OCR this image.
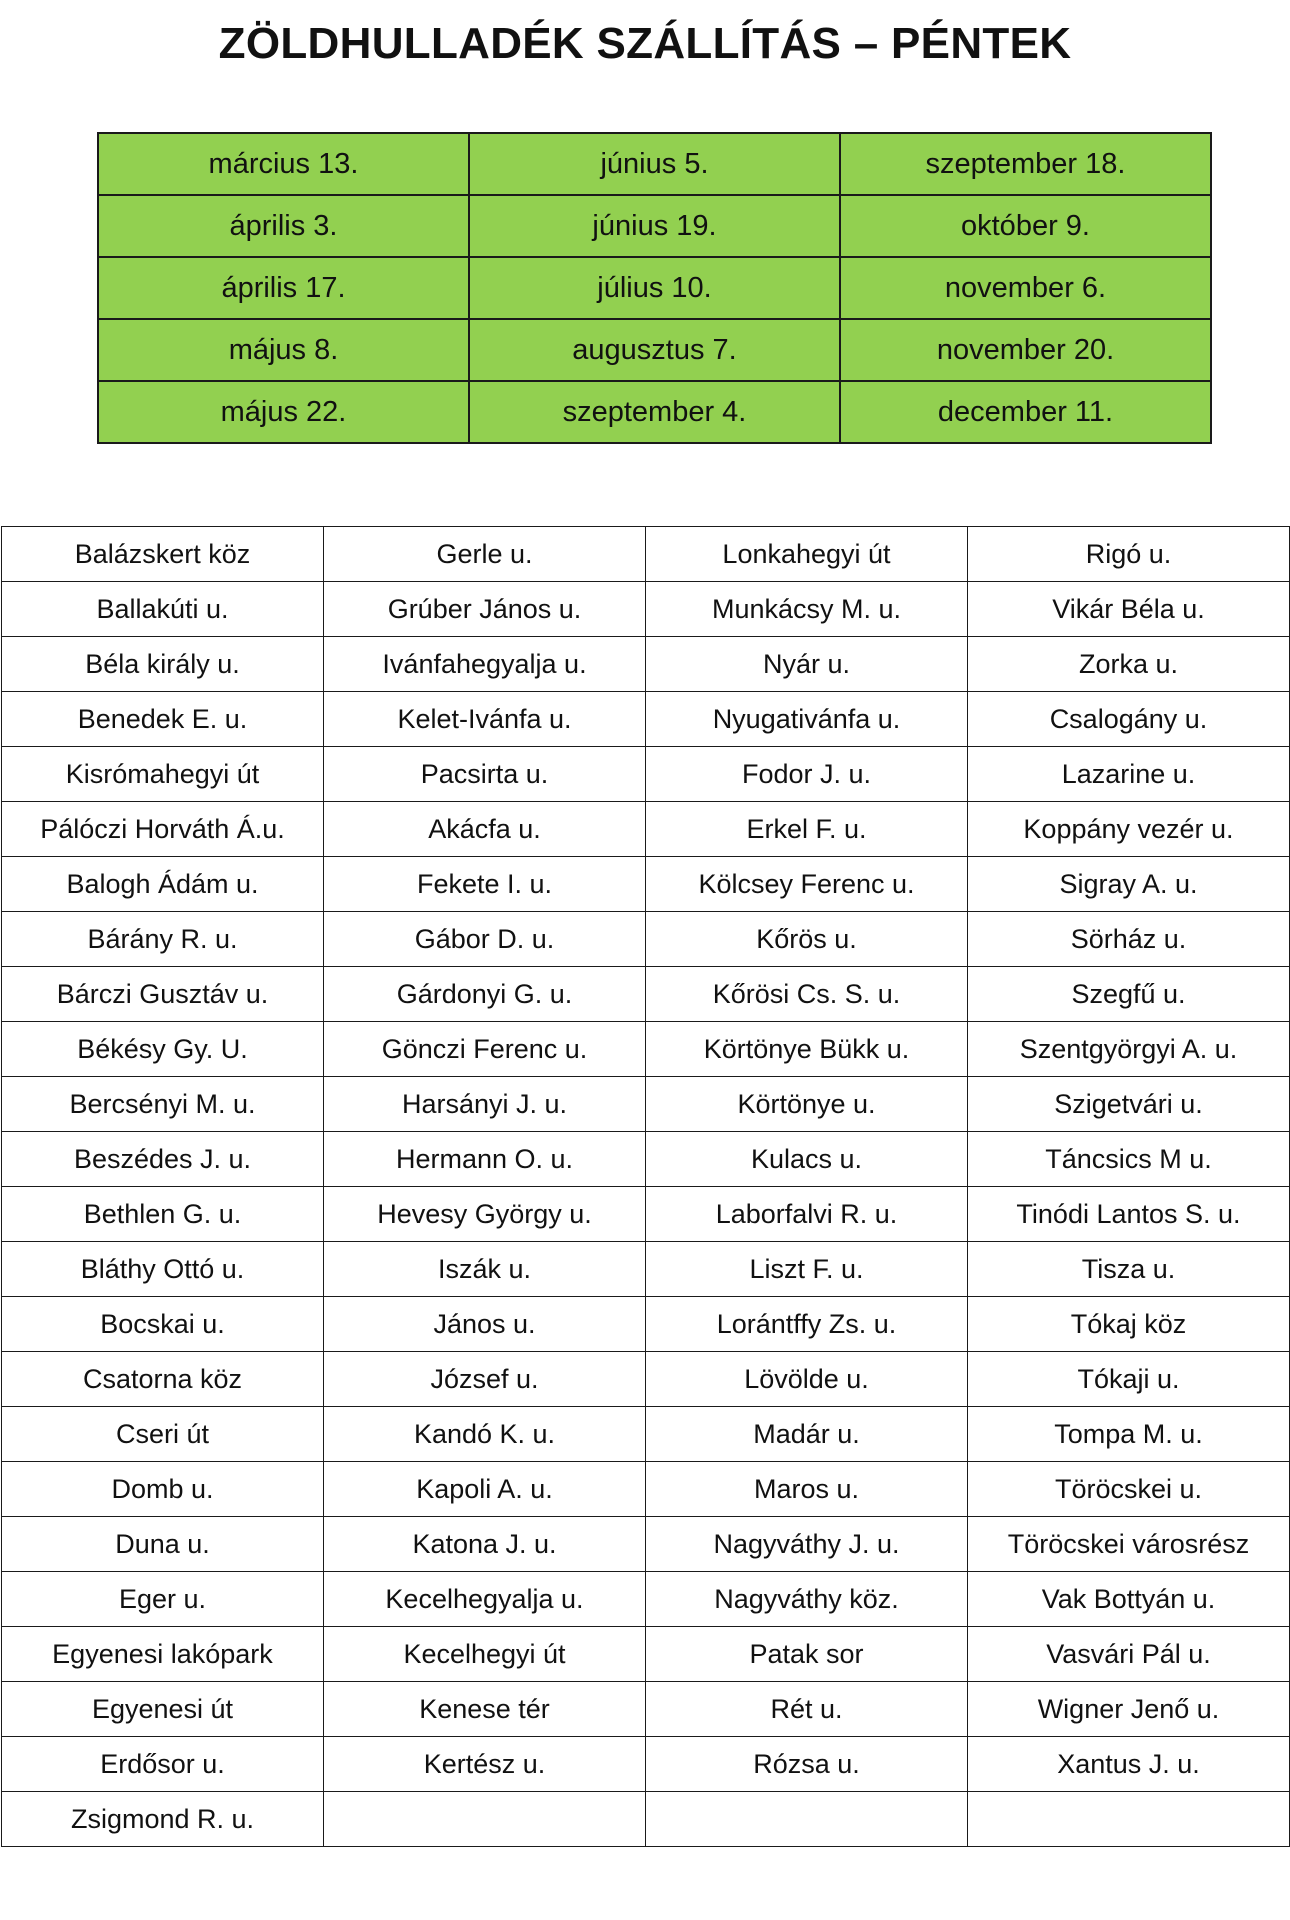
ZÖLDHULLADÉK SZÁLLÍTÁS – PÉNTEK
március 13.	június 5.	szeptember 18.
április 3.	június 19.	október 9.
április 17.	július 10.	november 6.
május 8.	augusztus 7.	november 20.
május 22.	szeptember 4.	december 11.
Balázskert köz	Gerle u.	Lonkahegyi út	Rigó u.
Ballakúti u.	Grúber János u.	Munkácsy M. u.	Vikár Béla u.
Béla király u.	Ivánfahegyalja u.	Nyár u.	Zorka u.
Benedek E. u.	Kelet-Ivánfa u.	Nyugativánfa u.	Csalogány u.
Kisrómahegyi út	Pacsirta u.	Fodor J. u.	Lazarine u.
Pálóczi Horváth Á.u.	Akácfa u.	Erkel F. u.	Koppány vezér u.
Balogh Ádám u.	Fekete I. u.	Kölcsey Ferenc u.	Sigray A. u.
Bárány R. u.	Gábor D. u.	Kőrös u.	Sörház u.
Bárczi Gusztáv u.	Gárdonyi G. u.	Kőrösi Cs. S. u.	Szegfű u.
Békésy Gy. U.	Gönczi Ferenc u.	Körtönye Bükk u.	Szentgyörgyi A. u.
Bercsényi M. u.	Harsányi J. u.	Körtönye u.	Szigetvári u.
Beszédes J. u.	Hermann O. u.	Kulacs u.	Táncsics M u.
Bethlen G. u.	Hevesy György u.	Laborfalvi R. u.	Tinódi Lantos S. u.
Bláthy Ottó u.	Iszák u.	Liszt F. u.	Tisza u.
Bocskai u.	János u.	Lorántffy Zs. u.	Tókaj köz
Csatorna köz	József u.	Lövölde u.	Tókaji u.
Cseri út	Kandó K. u.	Madár u.	Tompa M. u.
Domb u.	Kapoli A. u.	Maros u.	Töröcskei u.
Duna u.	Katona J. u.	Nagyváthy J. u.	Töröcskei városrész
Eger u.	Kecelhegyalja u.	Nagyváthy köz.	Vak Bottyán u.
Egyenesi lakópark	Kecelhegyi út	Patak sor	Vasvári Pál u.
Egyenesi út	Kenese tér	Rét u.	Wigner Jenő u.
Erdősor u.	Kertész u.	Rózsa u.	Xantus J. u.
Zsigmond R. u.			
